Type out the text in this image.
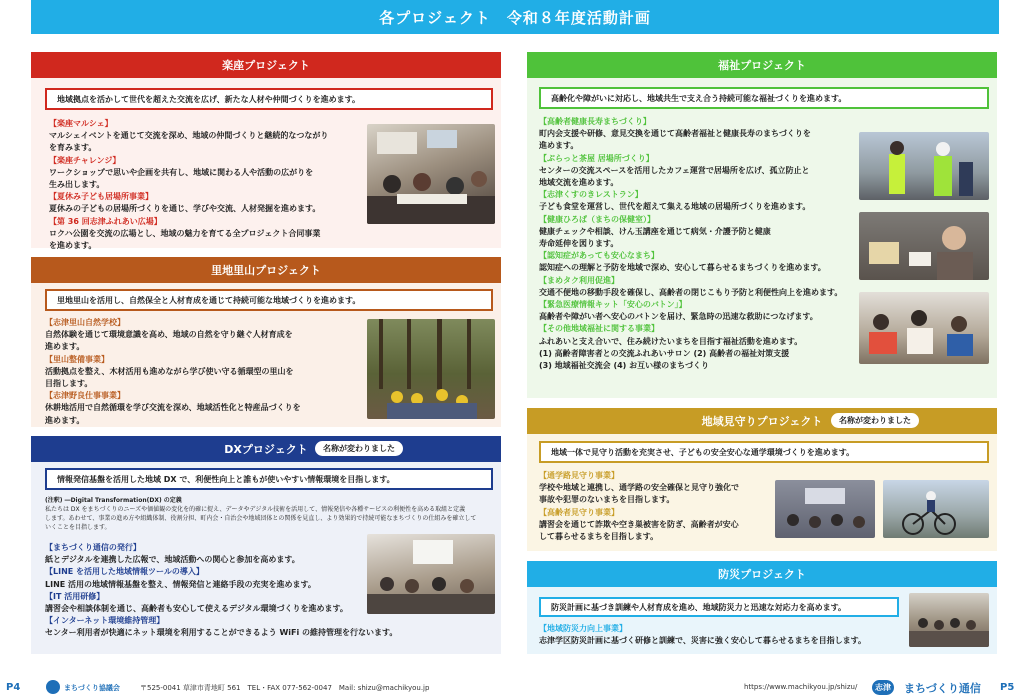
各プロジェクト　令和８年度活動計画
楽座プロジェクト
地域拠点を活かして世代を超えた交流を広げ、新たな人材や仲間づくりを進めます。
【楽座マルシェ】
マルシェイベントを通じて交流を深め、地域の仲間づくりと継続的なつながり
を育みます。
【楽座チャレンジ】
ワークショップで思いや企画を共有し、地域に関わる人や活動の広がりを
生み出します。
【夏休み子ども居場所事業】
夏休みの子どもの居場所づくりを通じ、学びや交流、人材発掘を進めます。
【第 36 回志津ふれあい広場】
ロクハ公園を交流の広場とし、地域の魅力を育てる全プロジェクト合同事業
を進めます。
里地里山プロジェクト
里地里山を活用し、自然保全と人材育成を通じて持続可能な地域づくりを進めます。
【志津里山自然学校】
自然体験を通じて環境意識を高め、地域の自然を守り継ぐ人材育成を
進めます。
【里山整備事業】
活動拠点を整え、木材活用も進めながら学び使い守る循環型の里山を
目指します。
【志津野良仕事事業】
休耕地活用で自然循環を学び交流を深め、地域活性化と特産品づくりを
進めます。
DXプロジェクト	名称が変わりました
情報発信基盤を活用した地域 DX で、利便性向上と誰もが使いやすい情報環境を目指します。
(注釈) ―Digital Transformation(DX) の定義
私たちは DX をまちづくりのニーズや価値観の変化を的確に捉え、データやデジタル技術を活用して、情報発信や各種サービスの利便性を高める取組と定義
します。あわせて、事業の進め方や組織体制、役割分担、町内会・自治会や地域団体との関係を見直し、より効果的で持続可能なまちづくりの仕組みを確立して
いくことを目指します。
【まちづくり通信の発行】
紙とデジタルを連携した広報で、地域活動への関心と参加を高めます。
【LINE を活用した地域情報ツールの導入】
LINE 活用の地域情報基盤を整え、情報発信と連絡手段の充実を進めます。
【IT 活用研修】
講習会や相談体制を通じ、高齢者も安心して使えるデジタル環境づくりを進めます。
【インターネット環境維持管理】
センター利用者が快適にネット環境を利用することができるよう WiFi の維持管理を行ないます。
福祉プロジェクト
高齢化や障がいに対応し、地域共生で支え合う持続可能な福祉づくりを進めます。
【高齢者健康長寿まちづくり】
町内会支援や研修、意見交換を通じて高齢者福祉と健康長寿のまちづくりを
進めます。
【ぷらっと茶屋 居場所づくり】
センターの交流スペースを活用したカフェ運営で居場所を広げ、孤立防止と
地域交流を進めます。
【志津くすのきレストラン】
子ども食堂を運営し、世代を超えて集える地域の居場所づくりを進めます。
【健康ひろば（まちの保健室）】
健康チェックや相談、けん玉講座を通じて病気・介護予防と健康
寿命延伸を図ります。
【認知症があっても安心なまち】
認知症への理解と予防を地域で深め、安心して暮らせるまちづくりを進めます。
【まめタク利用促進】
交通不便地の移動手段を確保し、高齢者の閉じこもり予防と利便性向上を進めます。
【緊急医療情報キット「安心のバトン」】
高齢者や障がい者へ安心のバトンを届け、緊急時の迅速な救助につなげます。
【その他地域福祉に関する事業】
ふれあいと支え合いで、住み続けたいまちを目指す福祉活動を進めます。
(1) 高齢者障害者との交流ふれあいサロン (2) 高齢者の福祉対策支援
(3) 地域福祉交流会 (4) お互い様のまちづくり
地域見守りプロジェクト	名称が変わりました
地域一体で見守り活動を充実させ、子どもの安全安心な通学環境づくりを進めます。
【通学路見守り事業】
学校や地域と連携し、通学路の安全確保と見守り強化で
事故や犯罪のないまちを目指します。
【高齢者見守り事業】
講習会を通じて詐欺や空き巣被害を防ぎ、高齢者が安心
して暮らせるまちを目指します。
防災プロジェクト
防災計画に基づき訓練や人材育成を進め、地域防災力と迅速な対応力を高めます。
【地域防災力向上事業】
志津学区防災計画に基づく研修と訓練で、災害に強く安心して暮らせるまちを目指します。
P4	まちづくり協議会	〒525-0041 草津市青地町 561　TEL・FAX 077-562-0047　Mail: shizu@machikyou.jp	https://www.machikyou.jp/shizu/	志津 まちづくり通信 P5
